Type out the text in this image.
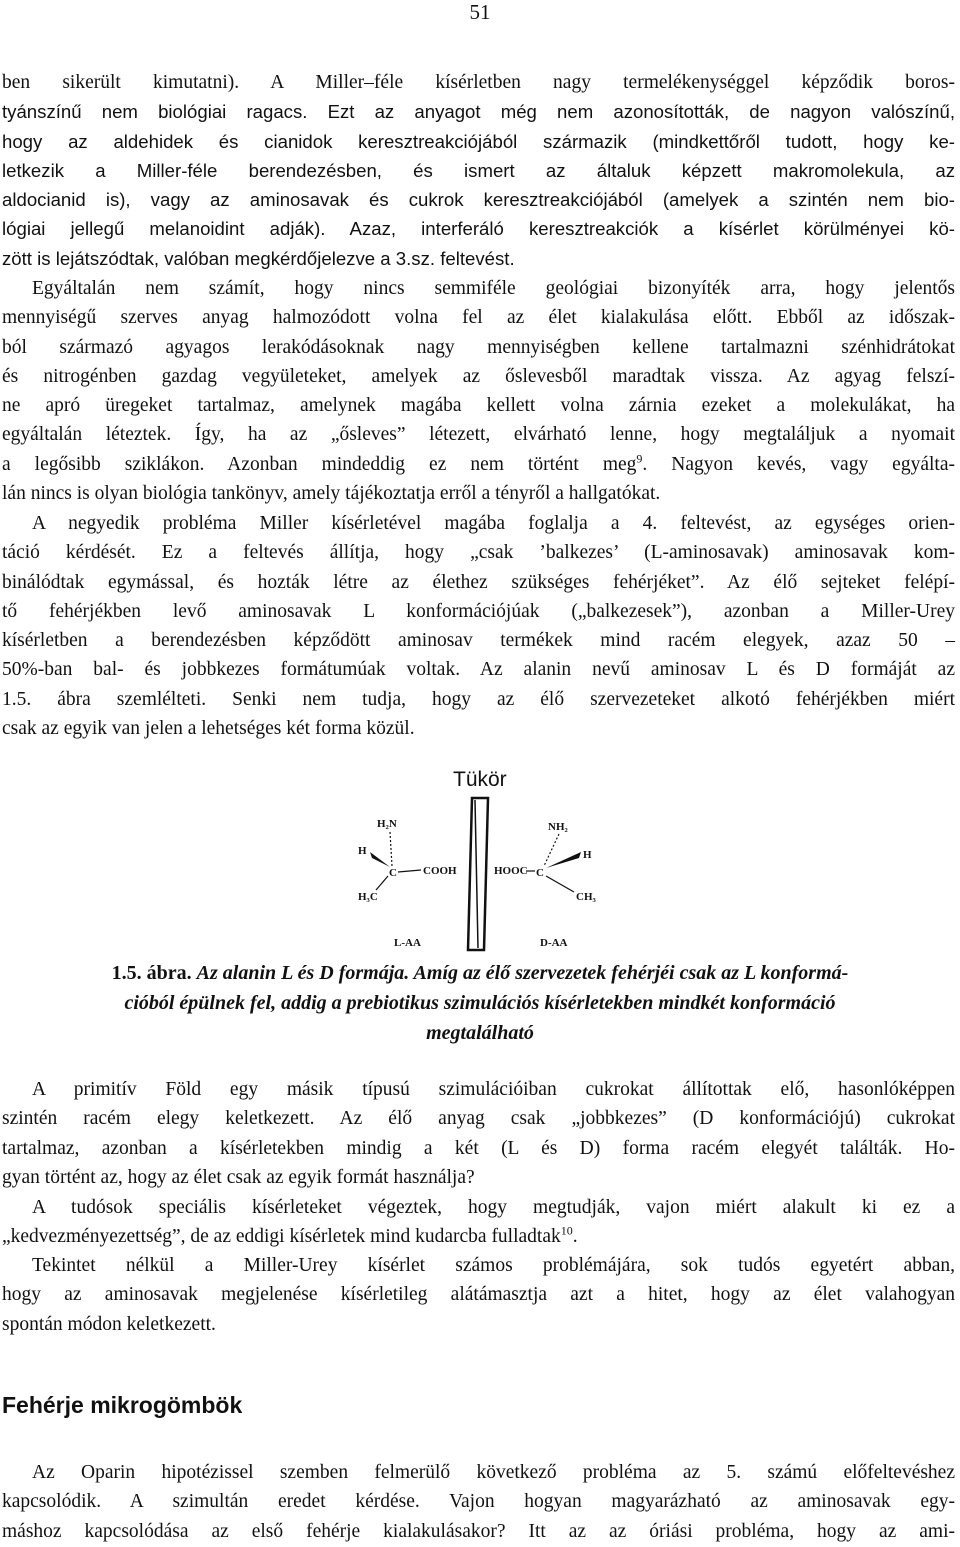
51
ben sikerült kimutatni). A Miller–féle kísérletben nagy termelékenységgel képződik boros-
tyánszínű nem biológiai ragacs. Ezt az anyagot még nem azonosították, de nagyon valószínű,
hogy az aldehidek és cianidok keresztreakciójából származik (mindkettőről tudott, hogy ke-
letkezik a Miller-féle berendezésben, és ismert az általuk képzett makromolekula, az
aldocianid is), vagy az aminosavak és cukrok keresztreakciójából (amelyek a szintén nem bio-
lógiai jellegű melanoidint adják). Azaz, interferáló keresztreakciók a kísérlet körülményei kö-
zött is lejátszódtak, valóban megkérdőjelezve a 3.sz. feltevést.
Egyáltalán nem számít, hogy nincs semmiféle geológiai bizonyíték arra, hogy jelentős
mennyiségű szerves anyag halmozódott volna fel az élet kialakulása előtt. Ebből az időszak-
ból származó agyagos lerakódásoknak nagy mennyiségben kellene tartalmazni szénhidrátokat
és nitrogénben gazdag vegyületeket, amelyek az őslevesből maradtak vissza. Az agyag felszí-
ne apró üregeket tartalmaz, amelynek magába kellett volna zárnia ezeket a molekulákat, ha
egyáltalán léteztek. Így, ha az „ősleves” létezett, elvárható lenne, hogy megtaláljuk a nyomait
a legősibb sziklákon. Azonban mindeddig ez nem történt meg$^9$. Nagyon kevés, vagy egyálta-
lán nincs is olyan biológia tankönyv, amely tájékoztatja erről a tényről a hallgatókat.
A negyedik probléma Miller kísérletével magába foglalja a 4. feltevést, az egységes orien-
táció kérdését. Ez a feltevés állítja, hogy „csak ’balkezes’ (L-aminosavak) aminosavak kom-
binálódtak egymással, és hozták létre az élethez szükséges fehérjéket”. Az élő sejteket felépí-
tő fehérjékben levő aminosavak L konformációjúak („balkezesek”), azonban a Miller-Urey
kísérletben a berendezésben képződött aminosav termékek mind racém elegyek, azaz 50 –
50%-ban bal- és jobbkezes formátumúak voltak. Az alanin nevű aminosav L és D formáját az
1.5. ábra szemlélteti. Senki nem tudja, hogy az élő szervezeteket alkotó fehérjékben miért
csak az egyik van jelen a lehetséges két forma közül.
Tükör
H₂N
H
C COOH
H₃C
L-AA
NH₂
HOOC C
H
CH₃
D-AA
1.5. ábra. Az alanin L és D formája. Amíg az élő szervezetek fehérjéi csak az L konformá-
cióból épülnek fel, addig a prebiotikus szimulációs kísérletekben mindkét konformáció
megtalálható
A primitív Föld egy másik típusú szimulációiban cukrokat állítottak elő, hasonlóképpen
szintén racém elegy keletkezett. Az élő anyag csak „jobbkezes” (D konformációjú) cukrokat
tartalmaz, azonban a kísérletekben mindig a két (L és D) forma racém elegyét találták. Ho-
gyan történt az, hogy az élet csak az egyik formát használja?
A tudósok speciális kísérleteket végeztek, hogy megtudják, vajon miért alakult ki ez a
„kedvezményezettség”, de az eddigi kísérletek mind kudarcba fulladtak$^{10}$.
Tekintet nélkül a Miller-Urey kísérlet számos problémájára, sok tudós egyetért abban,
hogy az aminosavak megjelenése kísérletileg alátámasztja azt a hitet, hogy az élet valahogyan
spontán módon keletkezett.
Fehérje mikrogömbök
Az Oparin hipotézissel szemben felmerülő következő probléma az 5. számú előfeltevéshez
kapcsolódik. A szimultán eredet kérdése. Vajon hogyan magyarázható az aminosavak egy-
máshoz kapcsolódása az első fehérje kialakulásakor? Itt az az óriási probléma, hogy az ami-
